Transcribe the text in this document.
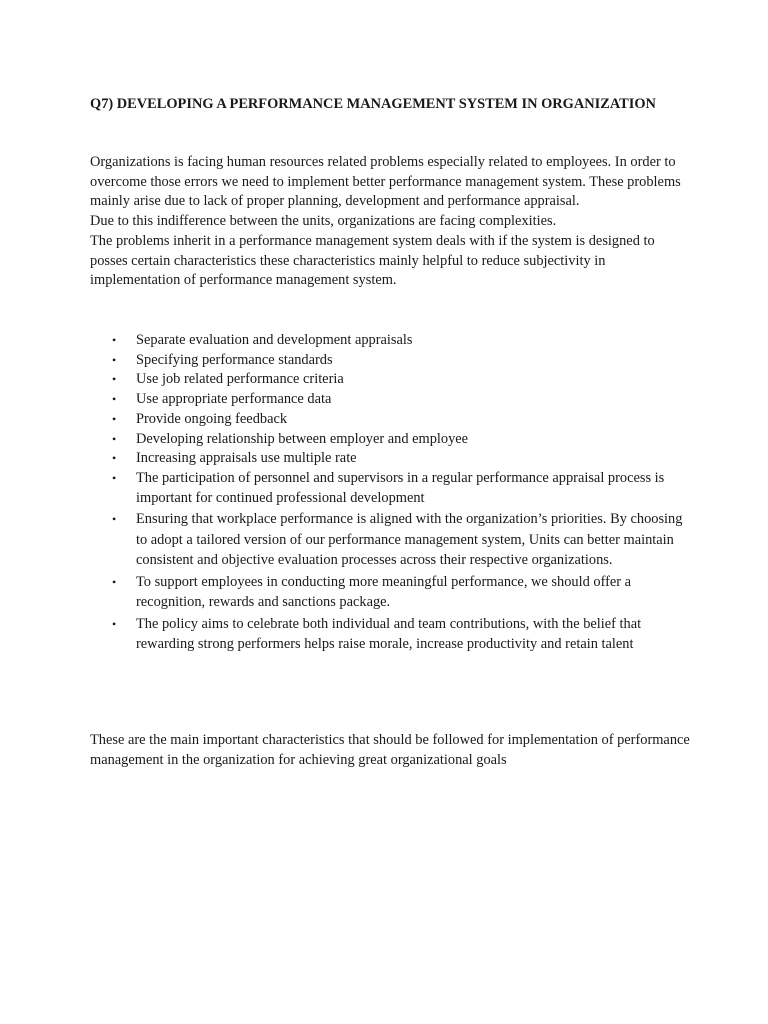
Q7) DEVELOPING A PERFORMANCE MANAGEMENT SYSTEM IN ORGANIZATION

Organizations is facing human resources related problems especially related to employees. In order to overcome those errors we need to implement better performance management system. These problems mainly arise due to lack of proper planning, development and performance appraisal.

Due to this indifference between the units, organizations are facing complexities.

The problems inherit in a performance management system deals with if the system is designed to posses certain characteristics these characteristics mainly helpful to reduce subjectivity in implementation of performance management system.

• Separate evaluation and development appraisals
• Specifying performance standards
• Use job related performance criteria
• Use appropriate performance data
• Provide ongoing feedback
• Developing relationship between employer and employee
• Increasing appraisals use multiple rate
• The participation of personnel and supervisors in a regular performance appraisal process is important for continued professional development
• Ensuring that workplace performance is aligned with the organization’s priorities. By choosing to adopt a tailored version of our performance management system, Units can better maintain consistent and objective evaluation processes across their respective organizations.
• To support employees in conducting more meaningful performance, we should offer a recognition, rewards and sanctions package.
• The policy aims to celebrate both individual and team contributions, with the belief that rewarding strong performers helps raise morale, increase productivity and retain talent

These are the main important characteristics that should be followed for implementation of performance management in the organization for achieving great organizational goals
